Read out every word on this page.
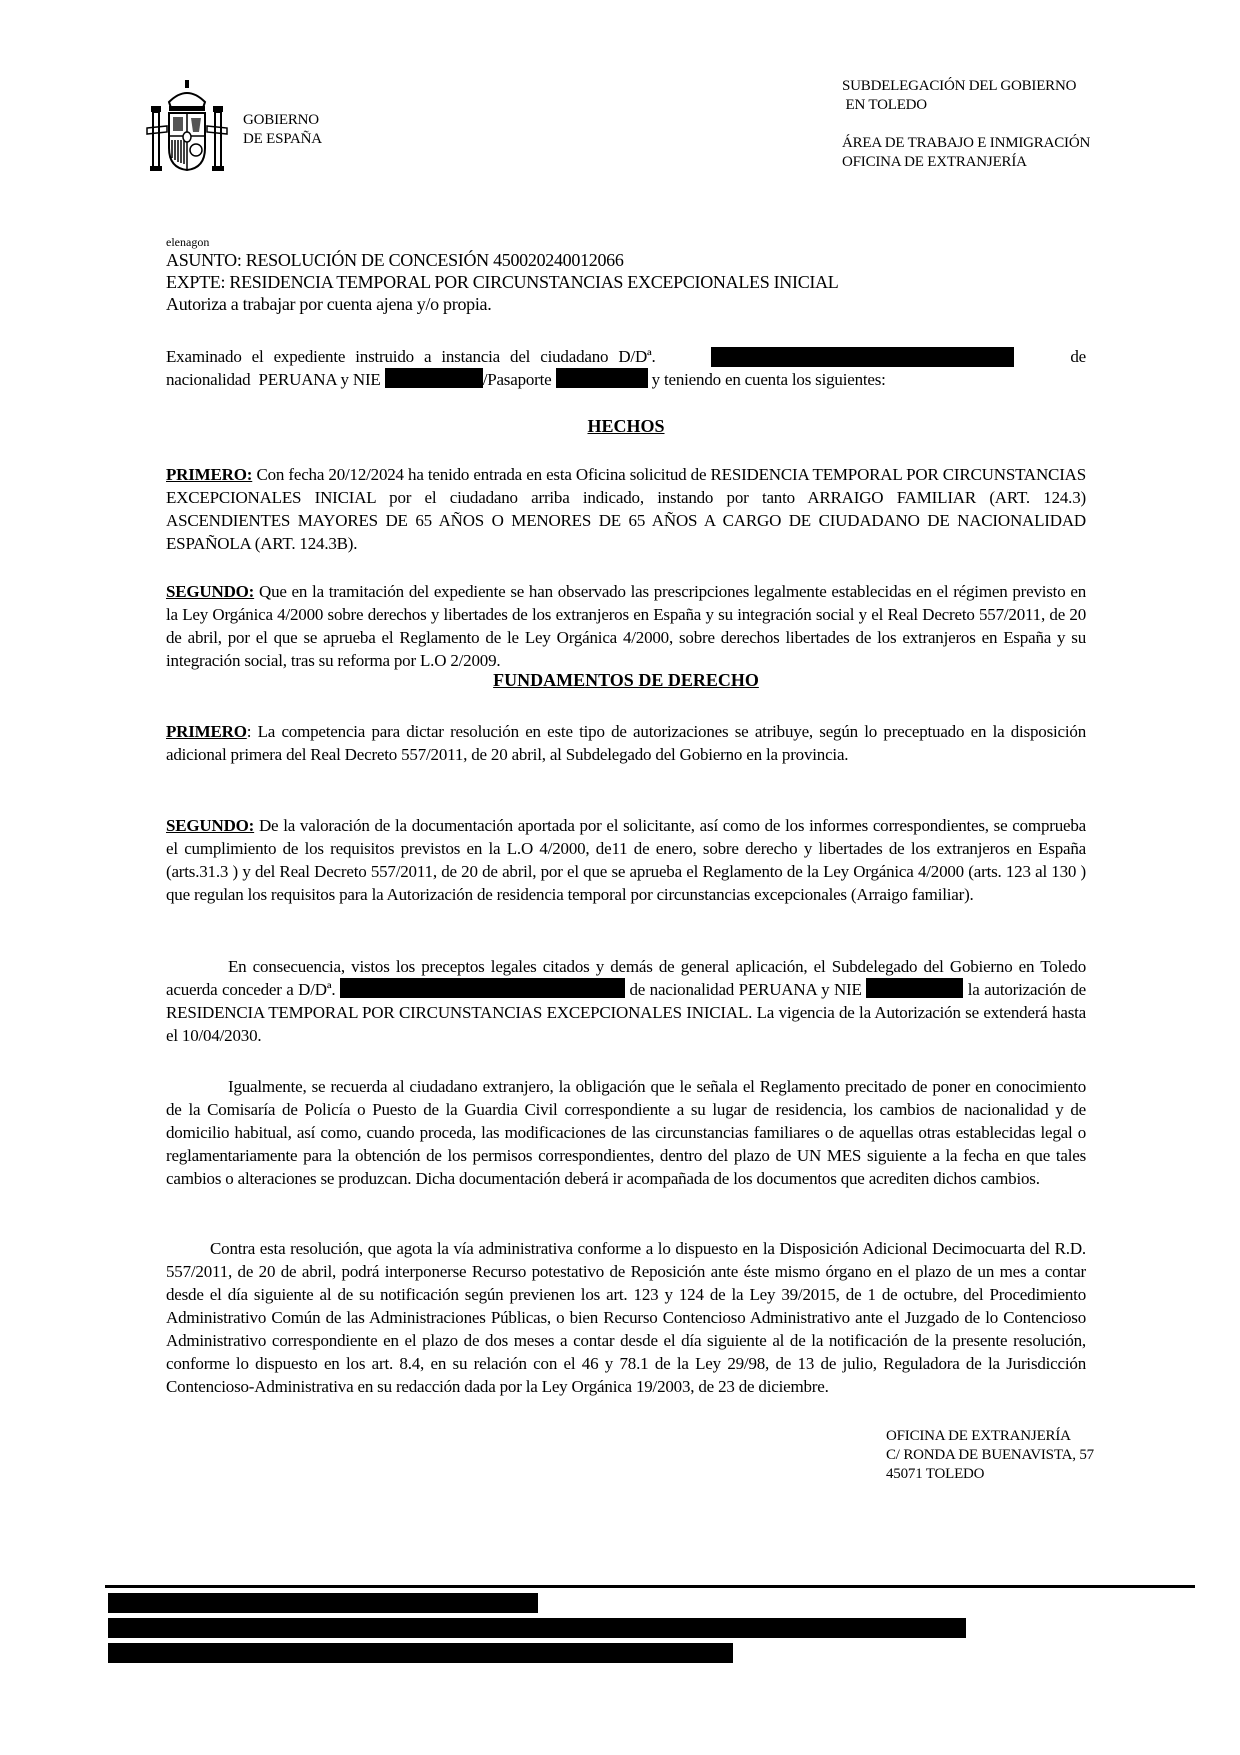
GOBIERNO
DE ESPAÑA
SUBDELEGACIÓN DEL GOBIERNO
EN TOLEDO
ÁREA DE TRABAJO E INMIGRACIÓN
OFICINA DE EXTRANJERÍA
elenagon
ASUNTO: RESOLUCIÓN DE CONCESIÓN 450020240012066
EXPTE: RESIDENCIA TEMPORAL POR CIRCUNSTANCIAS EXCEPCIONALES INICIAL
Autoriza a trabajar por cuenta ajena y/o propia.
Examinado el expediente instruido a instancia del ciudadano D/Dª.	de
nacionalidad  PERUANA y NIE	/Pasaporte	y teniendo en cuenta los siguientes:
HECHOS
PRIMERO: Con fecha 20/12/2024 ha tenido entrada en esta Oficina solicitud de RESIDENCIA TEMPORAL POR CIRCUNSTANCIAS EXCEPCIONALES INICIAL por el ciudadano arriba indicado, instando por tanto ARRAIGO FAMILIAR (ART. 124.3) ASCENDIENTES MAYORES DE 65 AÑOS O MENORES DE 65 AÑOS A CARGO DE CIUDADANO DE NACIONALIDAD ESPAÑOLA (ART. 124.3B).
SEGUNDO: Que en la tramitación del expediente se han observado las prescripciones legalmente establecidas en el régimen previsto en la Ley Orgánica 4/2000 sobre derechos y libertades de los extranjeros en España y su integración social y el Real Decreto 557/2011, de 20 de abril, por el que se aprueba el Reglamento de le Ley Orgánica 4/2000, sobre derechos libertades de los extranjeros en España y su integración social, tras su reforma por L.O 2/2009.
FUNDAMENTOS DE DERECHO
PRIMERO: La competencia para dictar resolución en este tipo de autorizaciones se atribuye, según lo preceptuado en la disposición adicional primera del Real Decreto 557/2011, de 20 abril, al Subdelegado del Gobierno en la provincia.
SEGUNDO: De la valoración de la documentación aportada por el solicitante, así como de los informes correspondientes, se comprueba el cumplimiento de los requisitos previstos en la L.O 4/2000, de11 de enero, sobre derecho y libertades de los extranjeros en España (arts.31.3 ) y del Real Decreto 557/2011, de 20 de abril, por el que se aprueba el Reglamento de la Ley Orgánica 4/2000 (arts. 123 al 130 ) que regulan los requisitos para la Autorización de residencia temporal por circunstancias excepcionales (Arraigo familiar).
En consecuencia, vistos los preceptos legales citados y demás de general aplicación, el Subdelegado del Gobierno en Toledo acuerda conceder a D/Dª.	de nacionalidad PERUANA y NIE	la autorización de RESIDENCIA TEMPORAL POR CIRCUNSTANCIAS EXCEPCIONALES INICIAL. La vigencia de la Autorización se extenderá hasta el 10/04/2030.
Igualmente, se recuerda al ciudadano extranjero, la obligación que le señala el Reglamento precitado de poner en conocimiento de la Comisaría de Policía o Puesto de la Guardia Civil correspondiente a su lugar de residencia, los cambios de nacionalidad y de domicilio habitual, así como, cuando proceda, las modificaciones de las circunstancias familiares o de aquellas otras establecidas legal o reglamentariamente para la obtención de los permisos correspondientes, dentro del plazo de UN MES siguiente a la fecha en que tales cambios o alteraciones se produzcan. Dicha documentación deberá ir acompañada de los documentos que acrediten dichos cambios.
Contra esta resolución, que agota la vía administrativa conforme a lo dispuesto en la Disposición Adicional Decimocuarta del R.D. 557/2011, de 20 de abril, podrá interponerse Recurso potestativo de Reposición ante éste mismo órgano en el plazo de un mes a contar desde el día siguiente al de su notificación según previenen los art. 123 y 124 de la Ley 39/2015, de 1 de octubre, del Procedimiento Administrativo Común de las Administraciones Públicas, o bien Recurso Contencioso Administrativo ante el Juzgado de lo Contencioso Administrativo correspondiente en el plazo de dos meses a contar desde el día siguiente al de la notificación de la presente resolución, conforme lo dispuesto en los art. 8.4, en su relación con el 46 y 78.1 de la Ley 29/98, de 13 de julio, Reguladora de la Jurisdicción Contencioso-Administrativa en su redacción dada por la Ley Orgánica 19/2003, de 23 de diciembre.
OFICINA DE EXTRANJERÍA
C/ RONDA DE BUENAVISTA, 57
45071 TOLEDO
